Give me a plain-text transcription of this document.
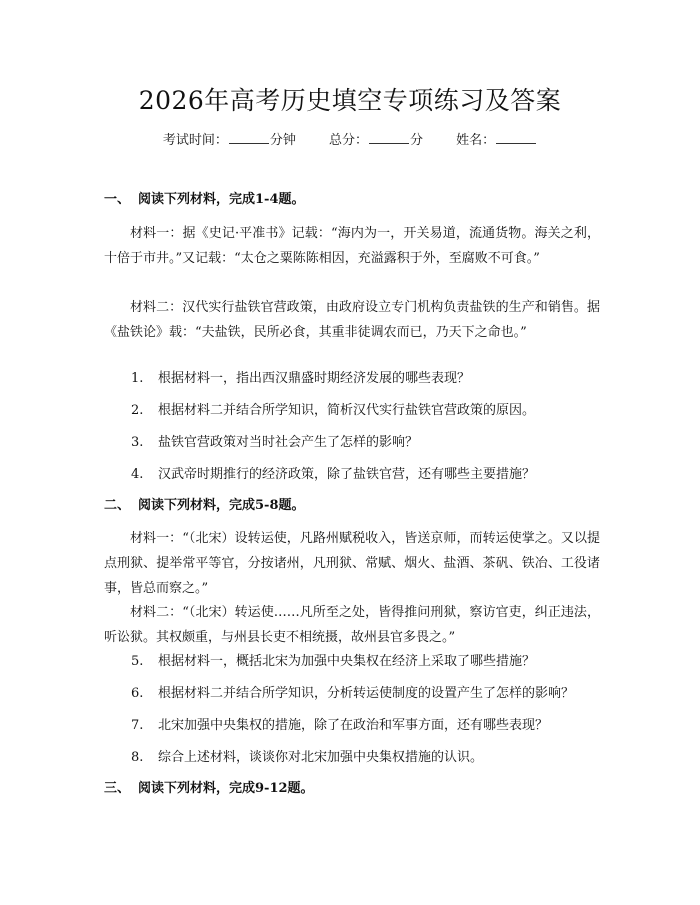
2026年高考历史填空专项练习及答案
考试时间：	分钟	总分：	分	姓名：
一、 阅读下列材料，完成1-4题。
材料一：据《史记·平准书》记载：“海内为一，开关易道，流通货物。海关之利，十倍于市井。”又记载：“太仓之粟陈陈相因，充溢露积于外，至腐败不可食。”
材料二：汉代实行盐铁官营政策，由政府设立专门机构负责盐铁的生产和销售。据《盐铁论》载：“夫盐铁，民所必食，其重非徒调农而已，乃天下之命也。”
1. 根据材料一，指出西汉鼎盛时期经济发展的哪些表现？
2. 根据材料二并结合所学知识，简析汉代实行盐铁官营政策的原因。
3. 盐铁官营政策对当时社会产生了怎样的影响？
4. 汉武帝时期推行的经济政策，除了盐铁官营，还有哪些主要措施？
二、 阅读下列材料，完成5-8题。
材料一：“（北宋）设转运使，凡路州赋税收入，皆送京师，而转运使掌之。又以提点刑狱、提举常平等官，分按诸州，凡刑狱、常赋、烟火、盐酒、茶矾、铁冶、工役诸事，皆总而察之。”
材料二：“（北宋）转运使……凡所至之处，皆得推问刑狱，察访官吏，纠正违法，听讼狱。其权颇重，与州县长吏不相统摄，故州县官多畏之。”
5. 根据材料一，概括北宋为加强中央集权在经济上采取了哪些措施？
6. 根据材料二并结合所学知识，分析转运使制度的设置产生了怎样的影响？
7. 北宋加强中央集权的措施，除了在政治和军事方面，还有哪些表现？
8. 综合上述材料，谈谈你对北宋加强中央集权措施的认识。
三、 阅读下列材料，完成9-12题。
